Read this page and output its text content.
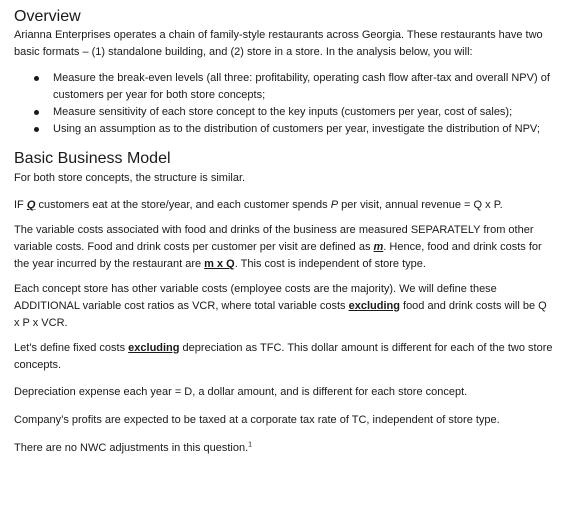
Overview

Arianna Enterprises operates a chain of family-style restaurants across Georgia. These restaurants have two basic formats – (1) standalone building, and (2) store in a store. In the analysis below, you will:

Measure the break-even levels (all three: profitability, operating cash flow after-tax and overall NPV) of customers per year for both store concepts;
Measure sensitivity of each store concept to the key inputs (customers per year, cost of sales);
Using an assumption as to the distribution of customers per year, investigate the distribution of NPV;
Basic Business Model

For both store concepts, the structure is similar.

IF Q customers eat at the store/year, and each customer spends P per visit, annual revenue = Q x P.

The variable costs associated with food and drinks of the business are measured SEPARATELY from other variable costs. Food and drink costs per customer per visit are defined as m. Hence, food and drink costs for the year incurred by the restaurant are m x Q. This cost is independent of store type.

Each concept store has other variable costs (employee costs are the majority). We will define these ADDITIONAL variable cost ratios as VCR, where total variable costs excluding food and drink costs will be Q x P x VCR.

Let’s define fixed costs excluding depreciation as TFC. This dollar amount is different for each of the two store concepts.

Depreciation expense each year = D, a dollar amount, and is different for each store concept.

Company’s profits are expected to be taxed at a corporate tax rate of TC, independent of store type.

There are no NWC adjustments in this question.$^1$
